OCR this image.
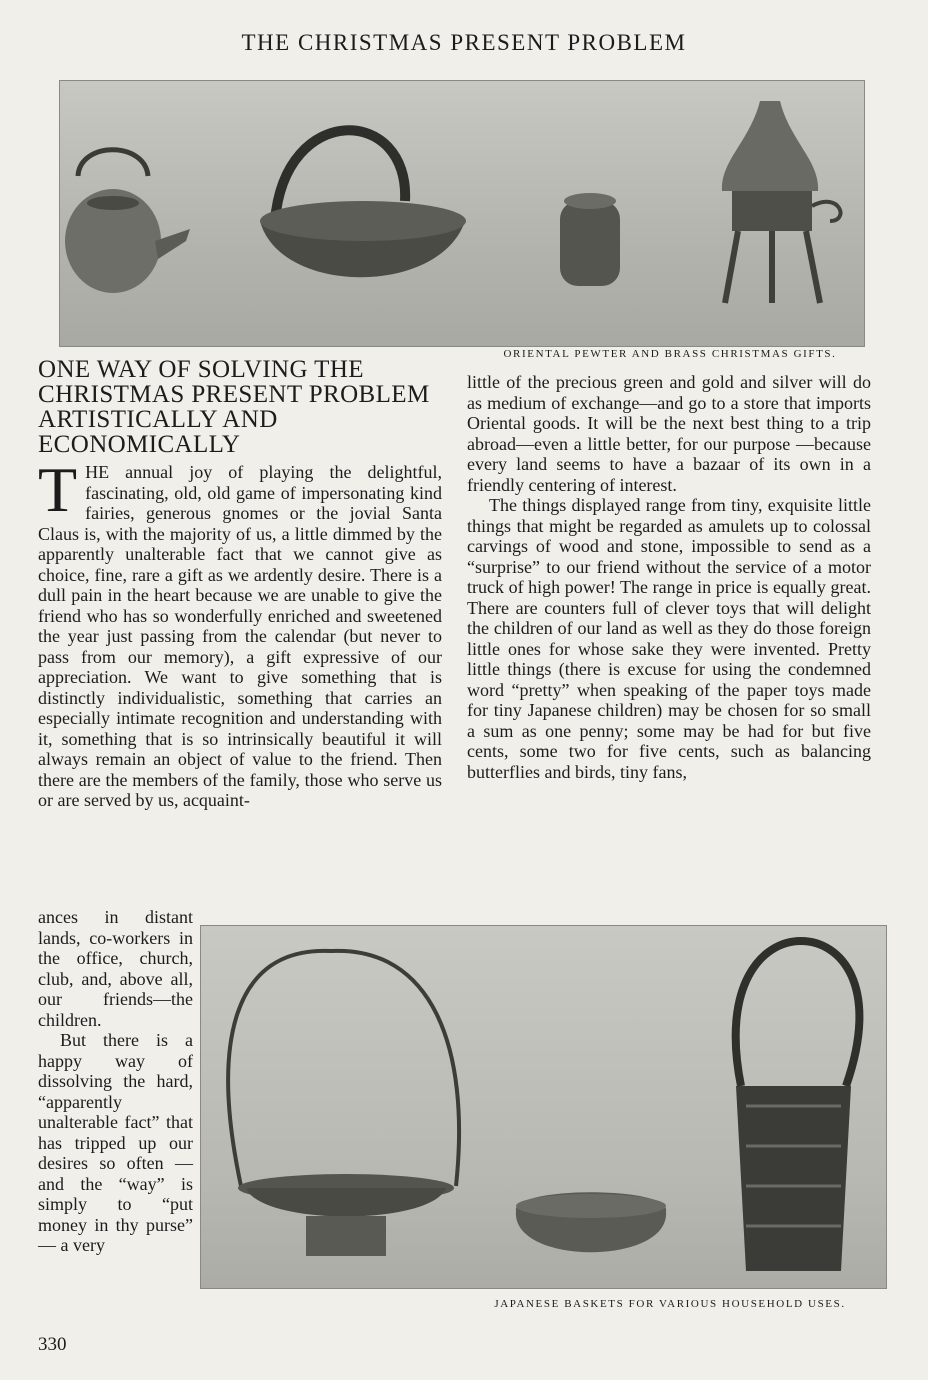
THE CHRISTMAS PRESENT PROBLEM
ORIENTAL PEWTER AND BRASS CHRISTMAS GIFTS.
ONE WAY OF SOLVING THE CHRISTMAS PRESENT PROBLEM ARTISTICALLY AND ECONOMICALLY

THE annual joy of playing the delightful, fascinating, old, old game of impersonating kind fairies, generous gnomes or the jovial Santa Claus is, with the majority of us, a little dimmed by the apparently unalterable fact that we cannot give as choice, fine, rare a gift as we ardently desire. There is a dull pain in the heart because we are unable to give the friend who has so wonderfully enriched and sweetened the year just passing from the calendar (but never to pass from our memory), a gift expressive of our appreciation. We want to give something that is distinctly individualistic, something that carries an especially intimate recognition and understanding with it, something that is so intrinsically beautiful it will always remain an object of value to the friend. Then there are the members of the family, those who serve us or are served by us, acquaint-

ances in distant lands, co-workers in the office, church, club, and, above all, our friends—the children.

But there is a happy way of dissolving the hard, “apparently unalterable fact” that has tripped up our desires so often —and the “way” is simply to “put money in thy purse” — a very

little of the precious green and gold and silver will do as medium of exchange—and go to a store that imports Oriental goods. It will be the next best thing to a trip abroad—even a little better, for our purpose —because every land seems to have a bazaar of its own in a friendly centering of interest.

The things displayed range from tiny, exquisite little things that might be regarded as amulets up to colossal carvings of wood and stone, impossible to send as a “surprise” to our friend without the service of a motor truck of high power! The range in price is equally great. There are counters full of clever toys that will delight the children of our land as well as they do those foreign little ones for whose sake they were invented. Pretty little things (there is excuse for using the condemned word “pretty” when speaking of the paper toys made for tiny Japanese children) may be chosen for so small a sum as one penny; some may be had for but five cents, some two for five cents, such as balancing butterflies and birds, tiny fans,

JAPANESE BASKETS FOR VARIOUS HOUSEHOLD USES.
330
